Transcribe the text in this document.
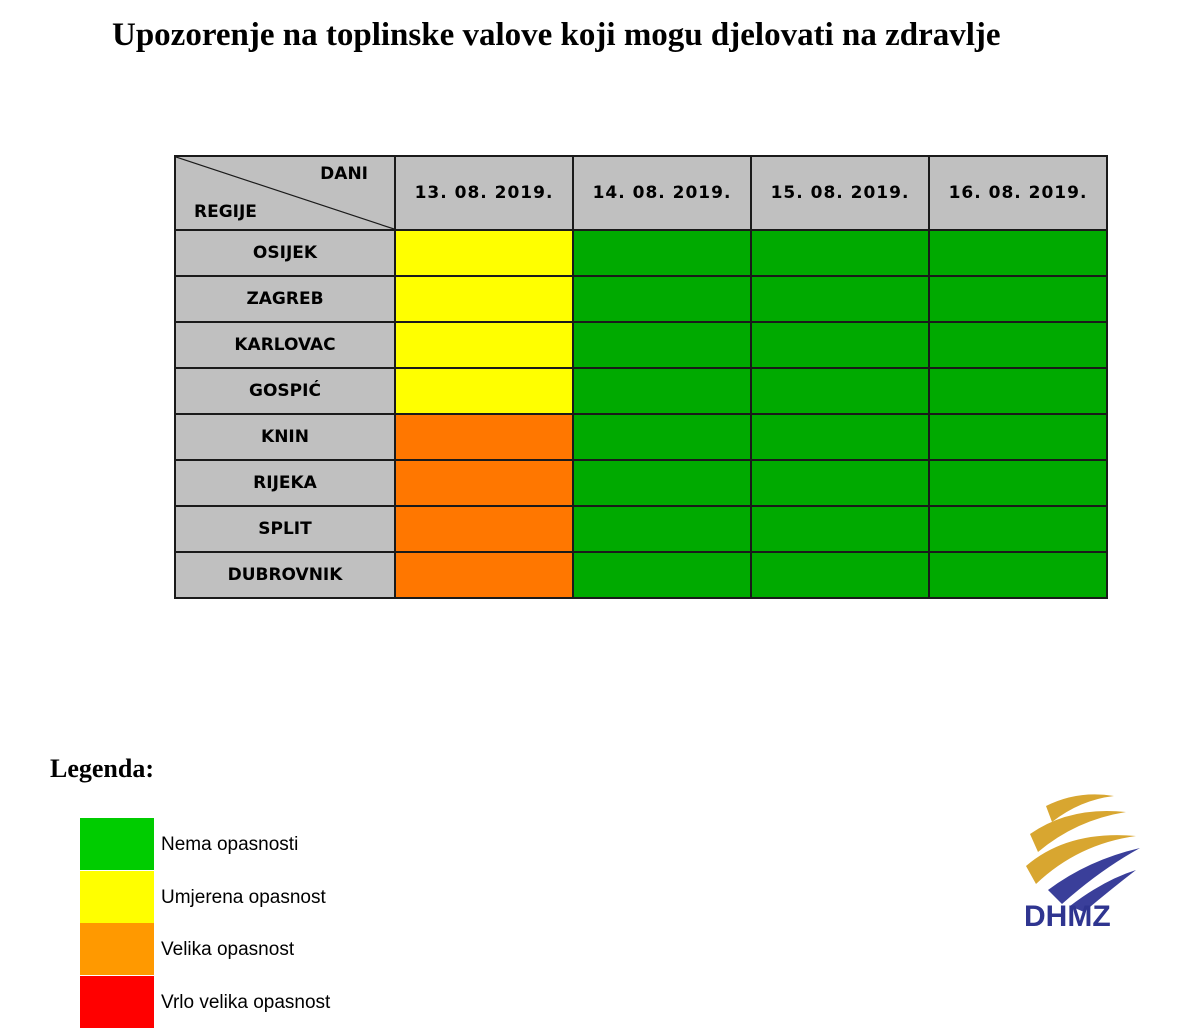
Upozorenje na toplinske valove koji mogu djelovati na zdravlje
DANI
REGIJE	13. 08. 2019.	14. 08. 2019.	15. 08. 2019.	16. 08. 2019.
OSIJEK				
ZAGREB				
KARLOVAC				
GOSPIĆ				
KNIN				
RIJEKA				
SPLIT				
DUBROVNIK				
Legenda:
Nema opasnosti
Umjerena opasnost
Velika opasnost
Vrlo velika opasnost
DHMZ
